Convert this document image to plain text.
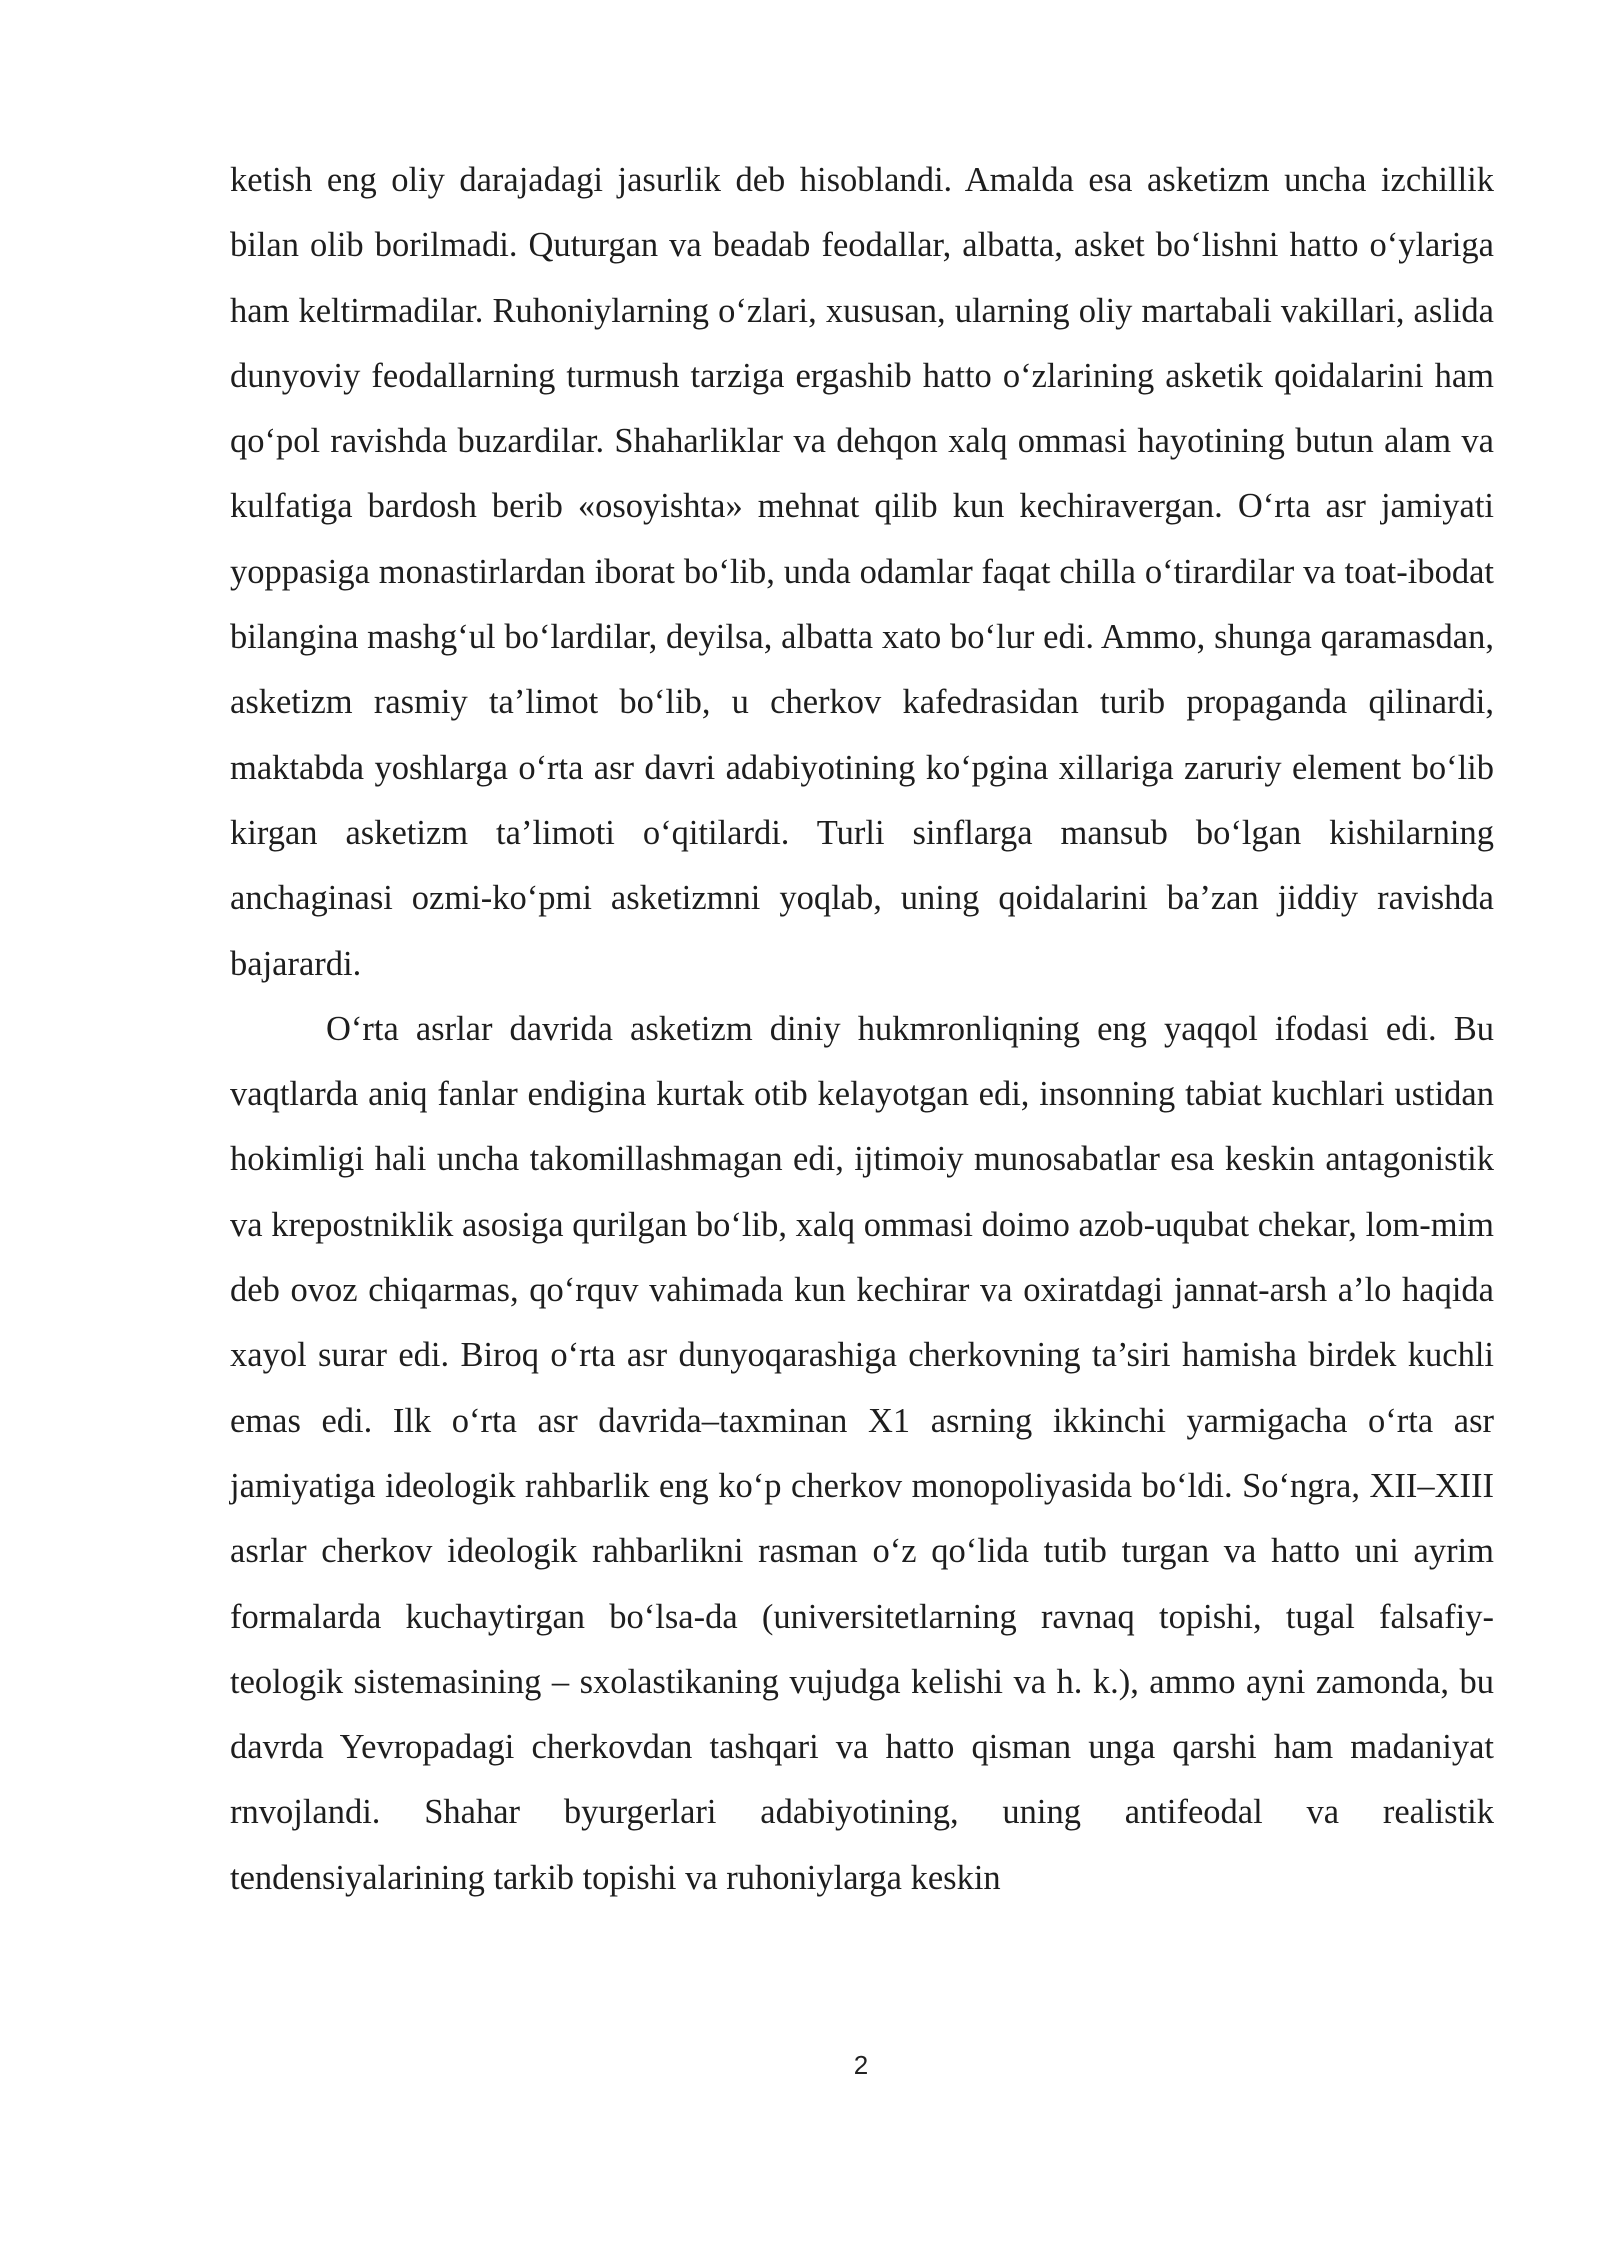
ketish eng oliy darajadagi jasurlik deb hisoblandi. Amalda esa asketizm uncha izchillik bilan olib borilmadi. Quturgan va beadab feodallar, albatta, asket bo‘lishni hatto o‘ylariga ham keltirmadilar. Ruhoniylarning o‘zlari, xususan, ularning oliy martabali vakillari, aslida dunyoviy feodallarning turmush tarziga ergashib hatto o‘zlarining asketik qoidalarini ham qo‘pol ravishda buzardilar. Shaharliklar va dehqon xalq ommasi hayotining butun alam va kulfatiga bardosh berib «osoyishta» mehnat qilib kun kechiravergan. O‘rta asr jamiyati yoppasiga monastirlardan iborat bo‘lib, unda odamlar faqat chilla o‘tirardilar va toat-ibodat bilangina mashg‘ul bo‘lardilar, deyilsa, albatta xato bo‘lur edi. Ammo, shunga qaramasdan, asketizm rasmiy ta’limot bo‘lib, u cherkov kafedrasidan turib propaganda qilinardi, maktabda yoshlarga o‘rta asr davri adabiyotining ko‘pgina xillariga zaruriy element bo‘lib kirgan asketizm ta’limoti o‘qitilardi. Turli sinflarga mansub bo‘lgan kishilarning anchaginasi ozmi-ko‘pmi asketizmni yoqlab, uning qoidalarini ba’zan jiddiy ravishda bajarardi.

O‘rta asrlar davrida asketizm diniy hukmronliqning eng yaqqol ifodasi edi. Bu vaqtlarda aniq fanlar endigina kurtak otib kelayotgan edi, insonning tabiat kuchlari ustidan hokimligi hali uncha takomillashmagan edi, ijtimoiy munosabatlar esa keskin antagonistik va krepostniklik asosiga qurilgan bo‘lib, xalq ommasi doimo azob-uqubat chekar, lom-mim deb ovoz chiqarmas, qo‘rquv vahimada kun kechirar va oxiratdagi jannat-arsh a’lo haqida xayol surar edi. Biroq o‘rta asr dunyoqarashiga cherkovning ta’siri hamisha birdek kuchli emas edi. Ilk o‘rta asr davrida–taxminan X1 asrning ikkinchi yarmigacha o‘rta asr jamiyatiga ideologik rahbarlik eng ko‘p cherkov monopoliyasida bo‘ldi. So‘ngra, XII–XIII asrlar cherkov ideologik rahbarlikni rasman o‘z qo‘lida tutib turgan va hatto uni ayrim formalarda kuchaytirgan bo‘lsa-da (universitetlarning ravnaq topishi, tugal falsafiy-teologik sistemasining – sxolastikaning vujudga kelishi va h. k.), ammo ayni zamonda, bu davrda Yevropadagi cherkovdan tashqari va hatto qisman unga qarshi ham madaniyat rnvojlandi. Shahar byurgerlari adabiyotining, uning antifeodal va realistik tendensiyalarining tarkib topishi va ruhoniylarga keskin

2
